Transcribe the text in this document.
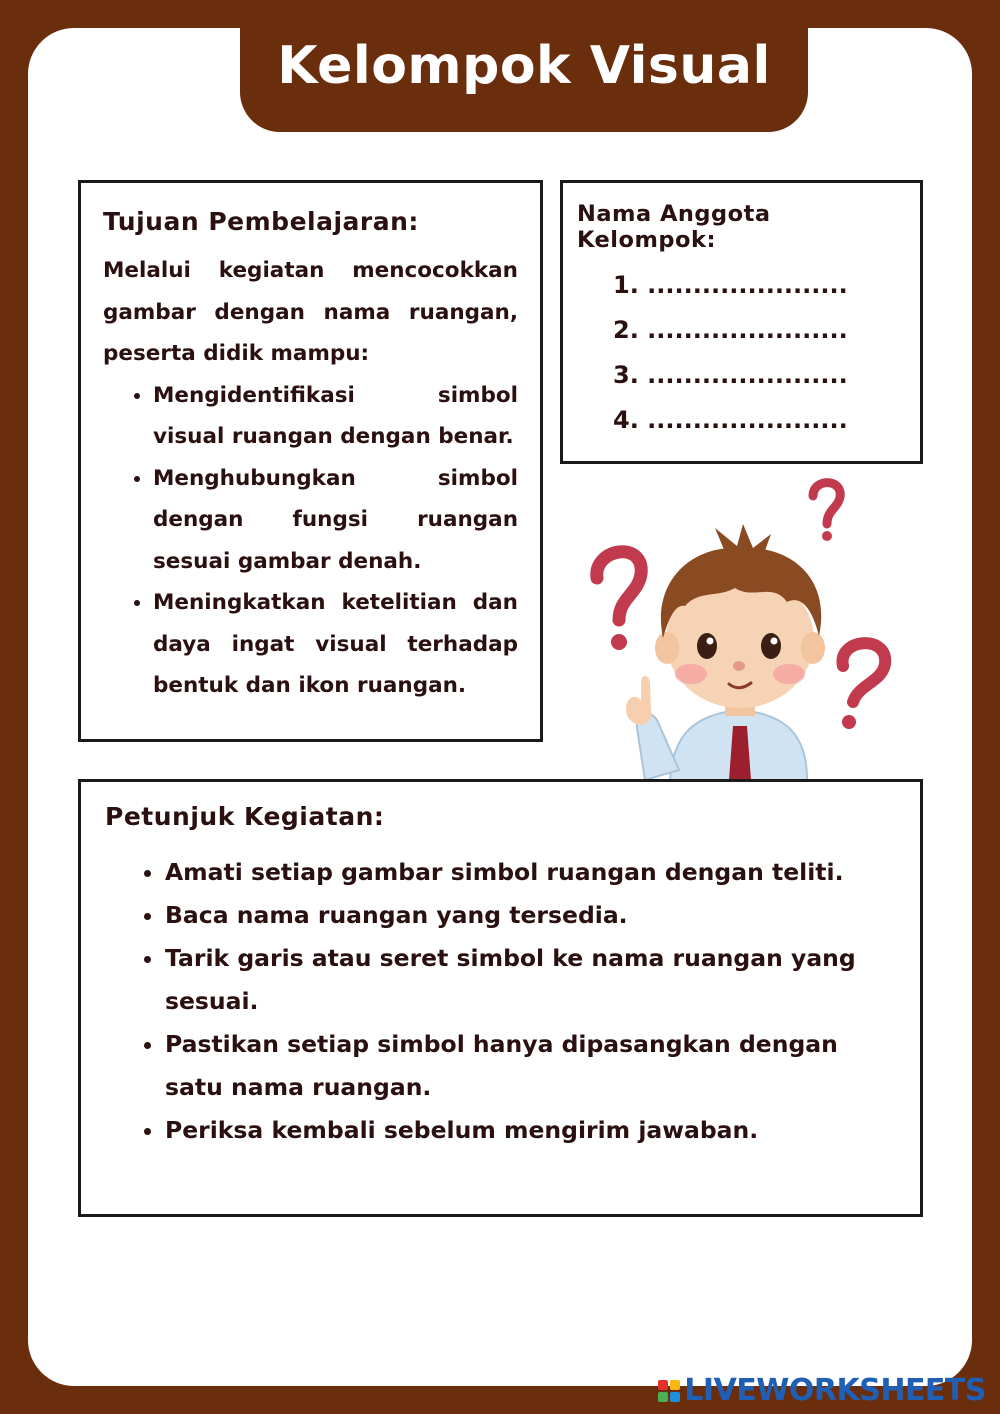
Kelompok Visual
Tujuan Pembelajaran:

Melalui kegiatan mencocokkan gambar dengan nama ruangan, peserta didik mampu:

• Mengidentifikasi simbol visual ruangan dengan benar.
• Menghubungkan simbol dengan fungsi ruangan sesuai gambar denah.
• Meningkatkan ketelitian dan daya ingat visual terhadap bentuk dan ikon ruangan.
Nama Anggota Kelompok:
1. ......................
2. ......................
3. ......................
4. ......................
Petunjuk Kegiatan:
• Amati setiap gambar simbol ruangan dengan teliti.
• Baca nama ruangan yang tersedia.
• Tarik garis atau seret simbol ke nama ruangan yang sesuai.
• Pastikan setiap simbol hanya dipasangkan dengan satu nama ruangan.
• Periksa kembali sebelum mengirim jawaban.
LIVEWORKSHEETS
